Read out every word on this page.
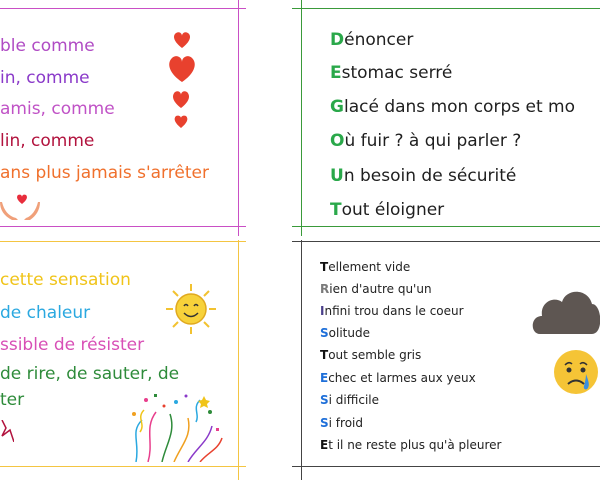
ble comme
in, comme
amis, comme
lin, comme
ans plus jamais s'arrêter
cette sensation
de chaleur
ssible de résister
de rire, de sauter, de
ter
Dénoncer
Estomac serré
Glacé dans mon corps et mo
Où fuir ? à qui parler ?
Un besoin de sécurité
Tout éloigner
Tellement vide
Rien d'autre qu'un
Infini trou dans le coeur
Solitude
Tout semble gris
Echec et larmes aux yeux
Si difficile
Si froid
Et il ne reste plus qu'à pleurer
